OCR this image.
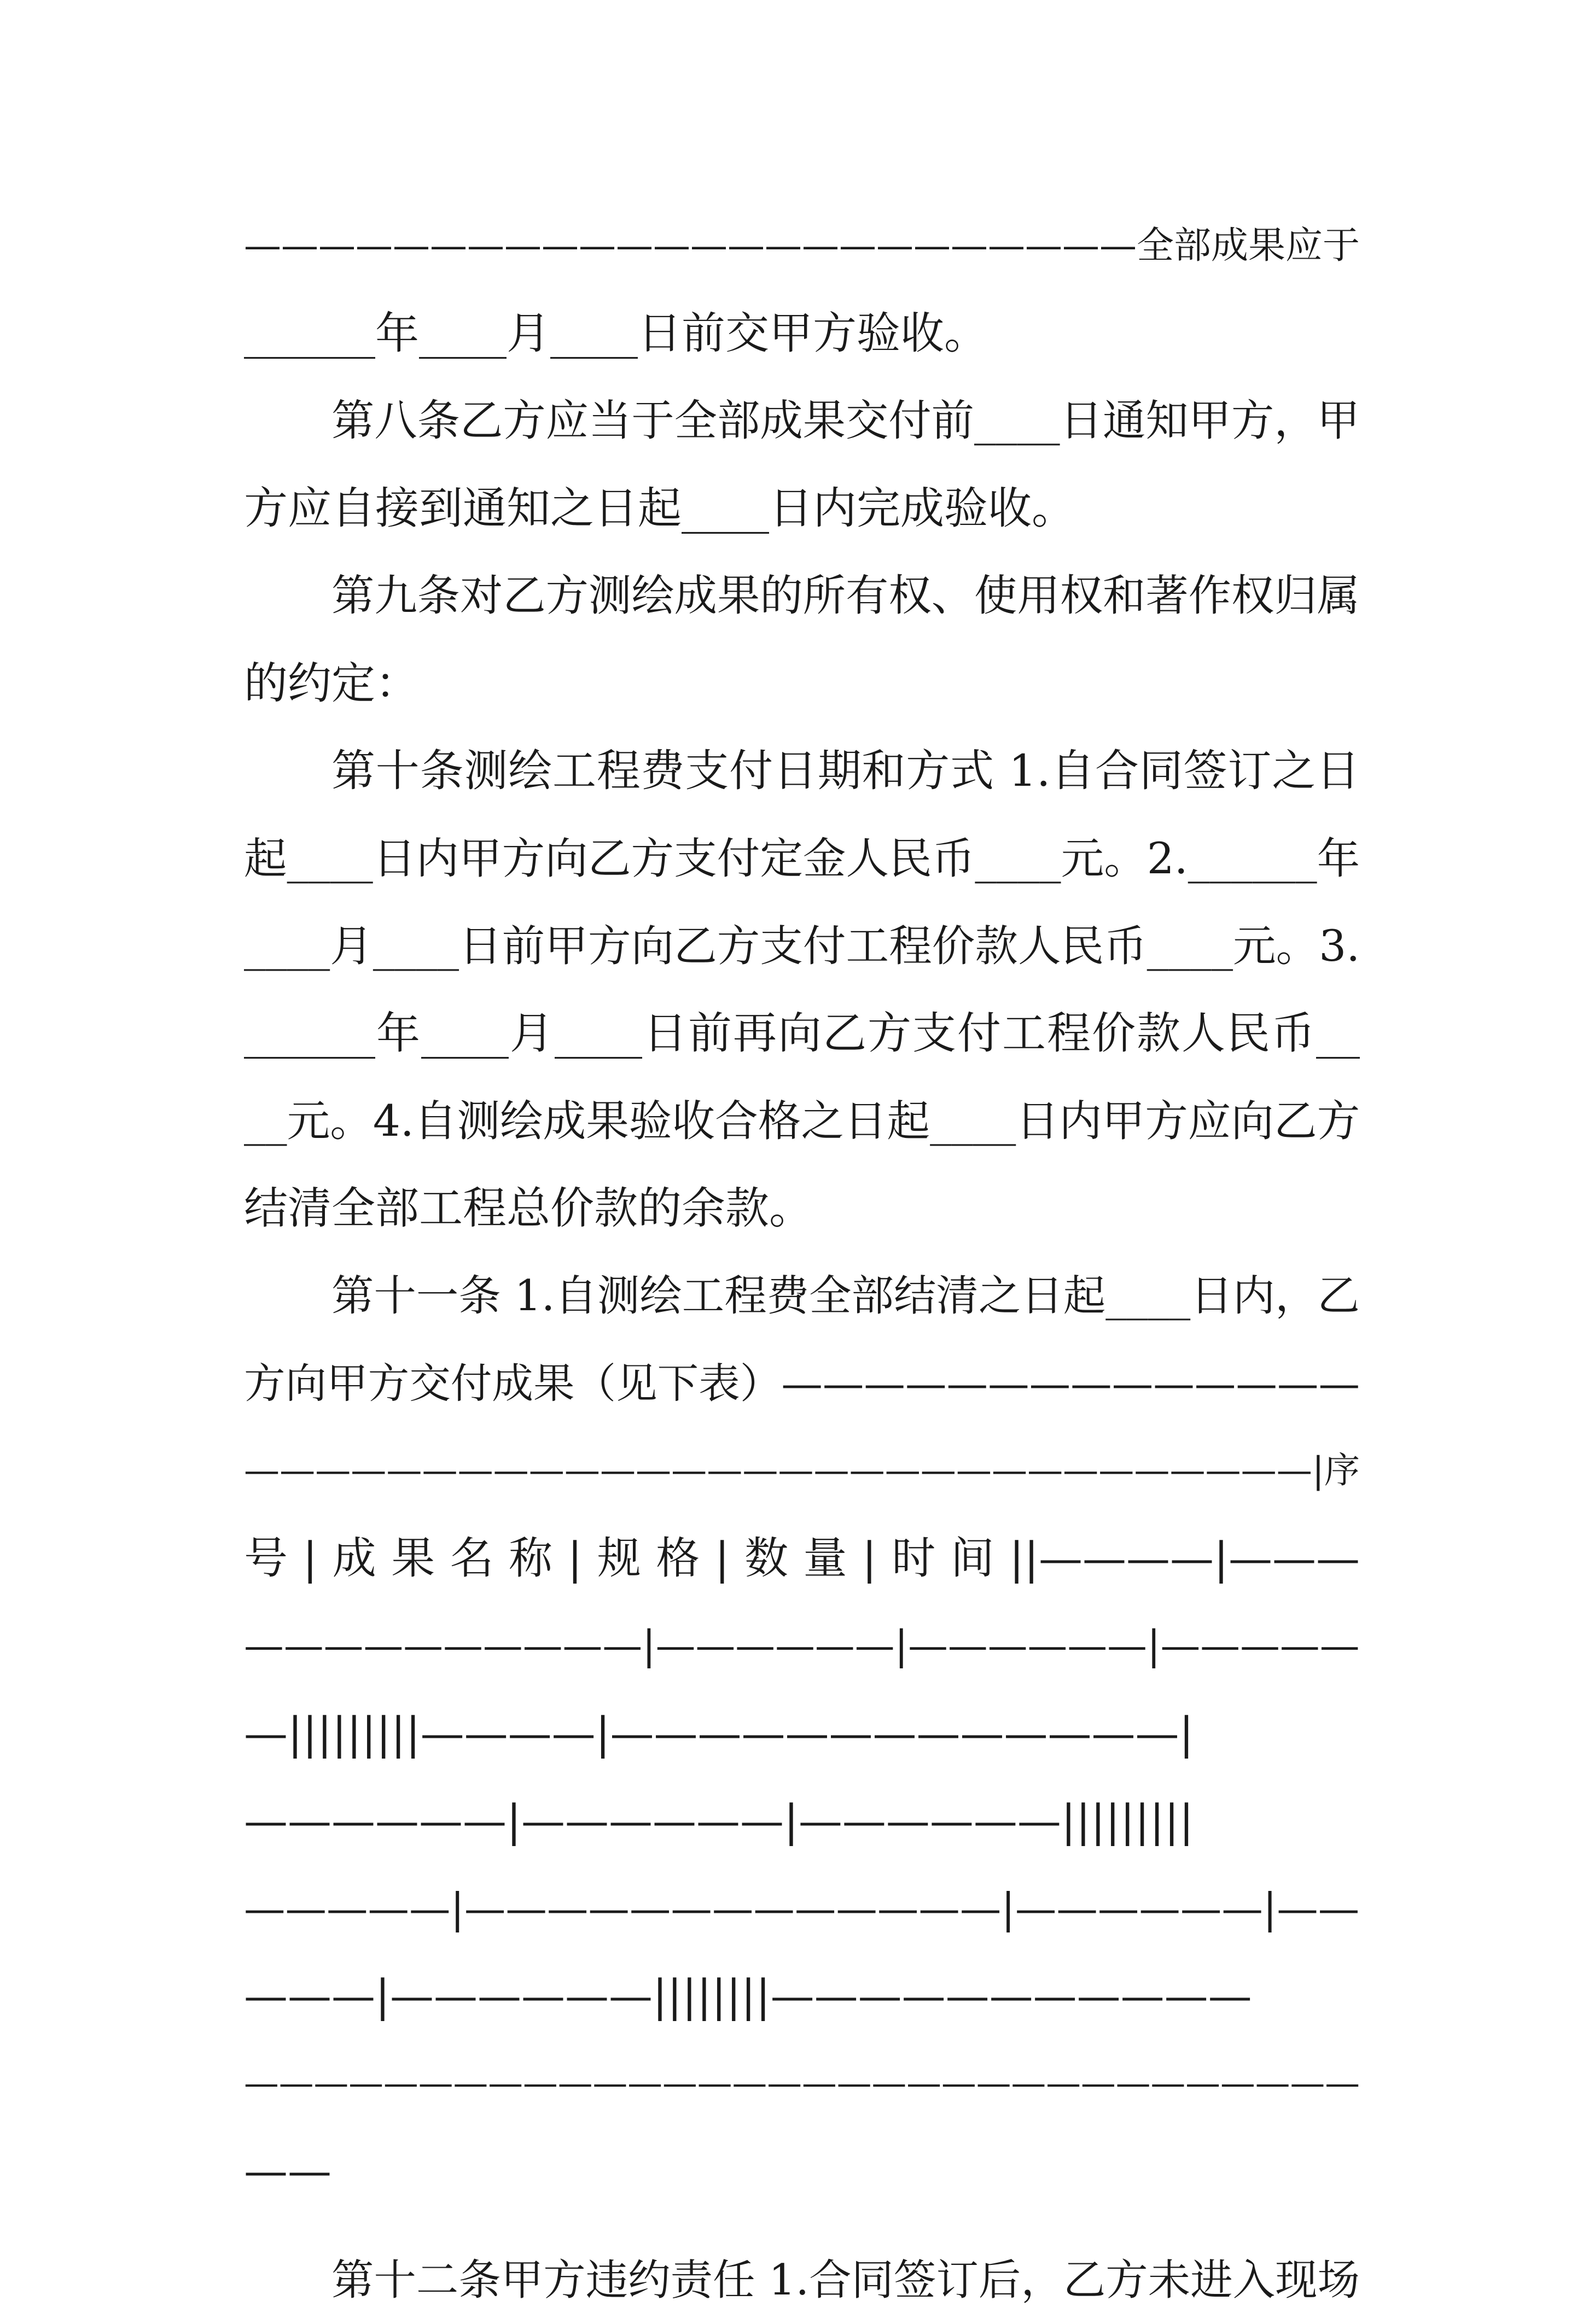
————————————————————————全部成果应于
______年____月____日前交甲方验收。
第八条乙方应当于全部成果交付前____日通知甲方，甲
方应自接到通知之日起____日内完成验收。
第九条对乙方测绘成果的所有权、使用权和著作权归属
的约定：
第十条测绘工程费支付日期和方式 1.自合同签订之日
起____日内甲方向乙方支付定金人民币____元。2.______年
____月____日前甲方向乙方支付工程价款人民币____元。3.
______年____月____日前再向乙方支付工程价款人民币__
__元。4.自测绘成果验收合格之日起____日内甲方应向乙方
结清全部工程总价款的余款。
第十一条 1.自测绘工程费全部结清之日起____日内，乙
方向甲方交付成果（见下表）——————————————
——————————————————————————————|序
号|成果名称|规格|数量|时间||————|———
——————————|——————|——————|—————
—|||||||||————|—————————————|
——————|——————|——————|||||||||
—————|—————————————|——————|——
———|——————||||||||———————————
————————————————————————————————
——
第十二条甲方违约责任 1.合同签订后，乙方未进入现场
